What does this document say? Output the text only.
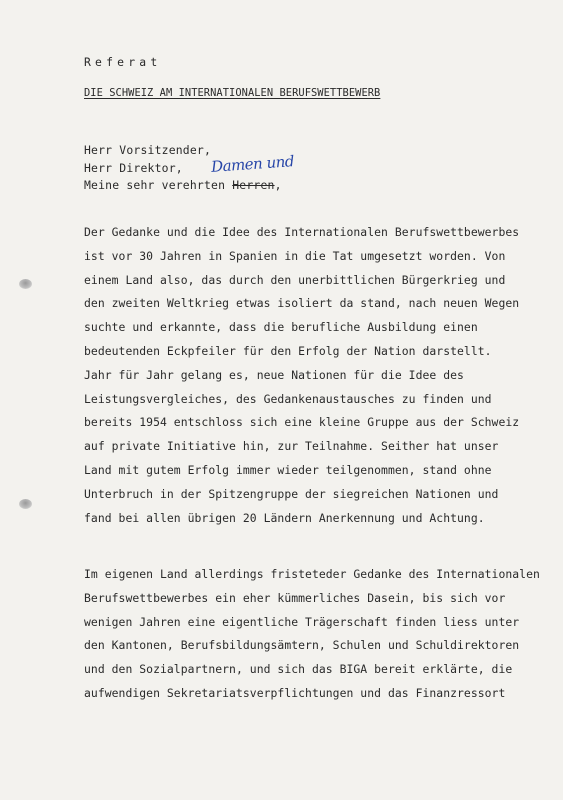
Referat
DIE SCHWEIZ AM INTERNATIONALEN BERUFSWETTBEWERB
Herr Vorsitzender,
Herr Direktor,
Meine sehr verehrten Herren,
Damen und
Der Gedanke und die Idee des Internationalen Berufswettbewerbes
ist vor 30 Jahren in Spanien in die Tat umgesetzt worden. Von
einem Land also, das durch den unerbittlichen Bürgerkrieg und
den zweiten Weltkrieg etwas isoliert da stand, nach neuen Wegen
suchte und erkannte, dass die berufliche Ausbildung einen
bedeutenden Eckpfeiler für den Erfolg der Nation darstellt.
Jahr für Jahr gelang es, neue Nationen für die Idee des
Leistungsvergleiches, des Gedankenaustausches zu finden und
bereits 1954 entschloss sich eine kleine Gruppe aus der Schweiz
auf private Initiative hin, zur Teilnahme. Seither hat unser
Land mit gutem Erfolg immer wieder teilgenommen, stand ohne
Unterbruch in der Spitzengruppe der siegreichen Nationen und
fand bei allen übrigen 20 Ländern Anerkennung und Achtung.
Im eigenen Land allerdings fristeteder Gedanke des Internationalen
Berufswettbewerbes ein eher kümmerliches Dasein, bis sich vor
wenigen Jahren eine eigentliche Trägerschaft finden liess unter
den Kantonen, Berufsbildungsämtern, Schulen und Schuldirektoren
und den Sozialpartnern, und sich das BIGA bereit erklärte, die
aufwendigen Sekretariatsverpflichtungen und das Finanzressort
